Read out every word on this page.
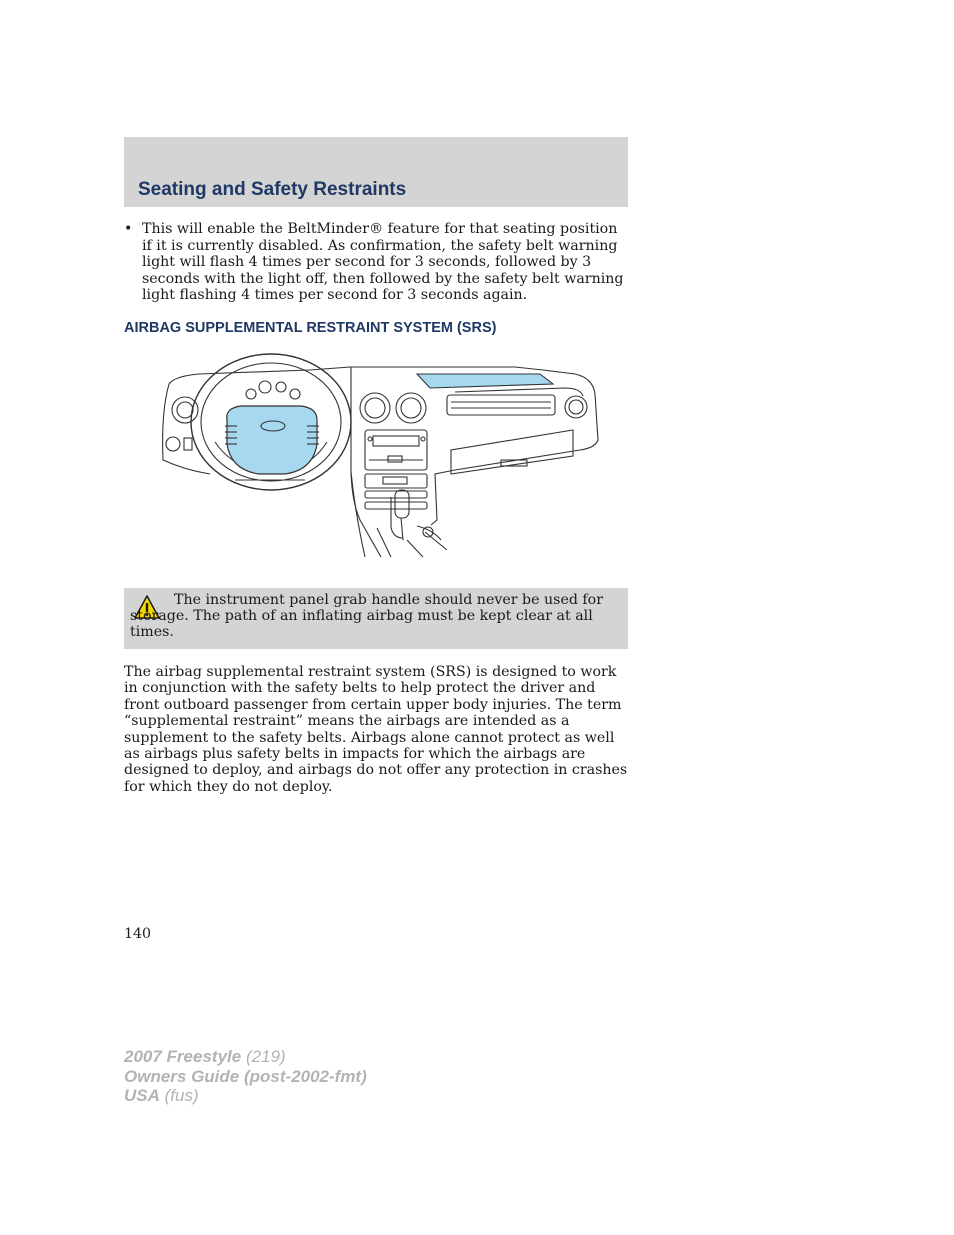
Seating and Safety Restraints
• This will enable the BeltMinder® feature for that seating position if it is currently disabled. As confirmation, the safety belt warning light will flash 4 times per second for 3 seconds, followed by 3 seconds with the light off, then followed by the safety belt warning light flashing 4 times per second for 3 seconds again.
AIRBAG SUPPLEMENTAL RESTRAINT SYSTEM (SRS)

The instrument panel grab handle should never be used for storage. The path of an inflating airbag must be kept clear at all times.

The airbag supplemental restraint system (SRS) is designed to work in conjunction with the safety belts to help protect the driver and front outboard passenger from certain upper body injuries. The term “supplemental restraint” means the airbags are intended as a supplement to the safety belts. Airbags alone cannot protect as well as airbags plus safety belts in impacts for which the airbags are designed to deploy, and airbags do not offer any protection in crashes for which they do not deploy.

140
2007 Freestyle (219)
Owners Guide (post-2002-fmt)
USA (fus)
